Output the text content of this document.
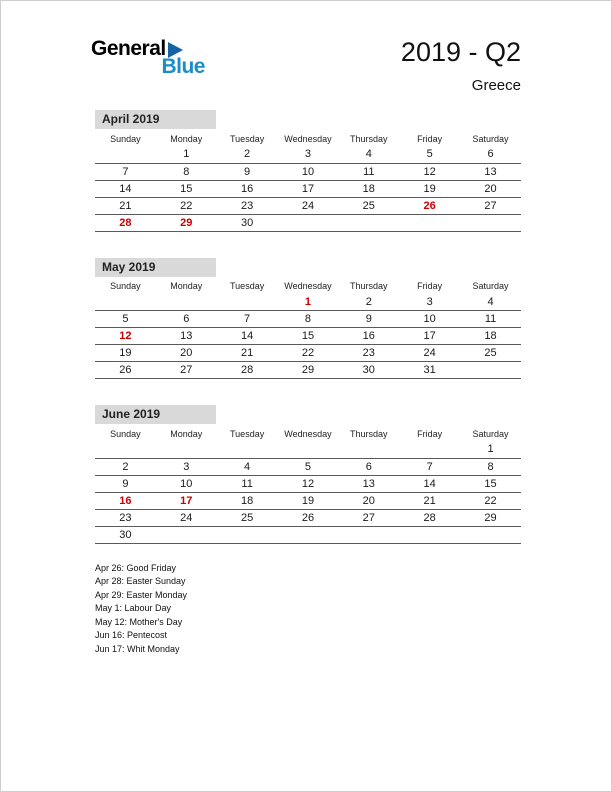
General
Blue	2019 - Q2
Greece
April 2019
Sunday	Monday	Tuesday	Wednesday	Thursday	Friday	Saturday
	1	2	3	4	5	6
7	8	9	10	11	12	13
14	15	16	17	18	19	20
21	22	23	24	25	26	27
28	29	30				
May 2019
Sunday	Monday	Tuesday	Wednesday	Thursday	Friday	Saturday
			1	2	3	4
5	6	7	8	9	10	11
12	13	14	15	16	17	18
19	20	21	22	23	24	25
26	27	28	29	30	31	
June 2019
Sunday	Monday	Tuesday	Wednesday	Thursday	Friday	Saturday
						1
2	3	4	5	6	7	8
9	10	11	12	13	14	15
16	17	18	19	20	21	22
23	24	25	26	27	28	29
30						
Apr 26: Good Friday
Apr 28: Easter Sunday
Apr 29: Easter Monday
May 1: Labour Day
May 12: Mother's Day
Jun 16: Pentecost
Jun 17: Whit Monday
